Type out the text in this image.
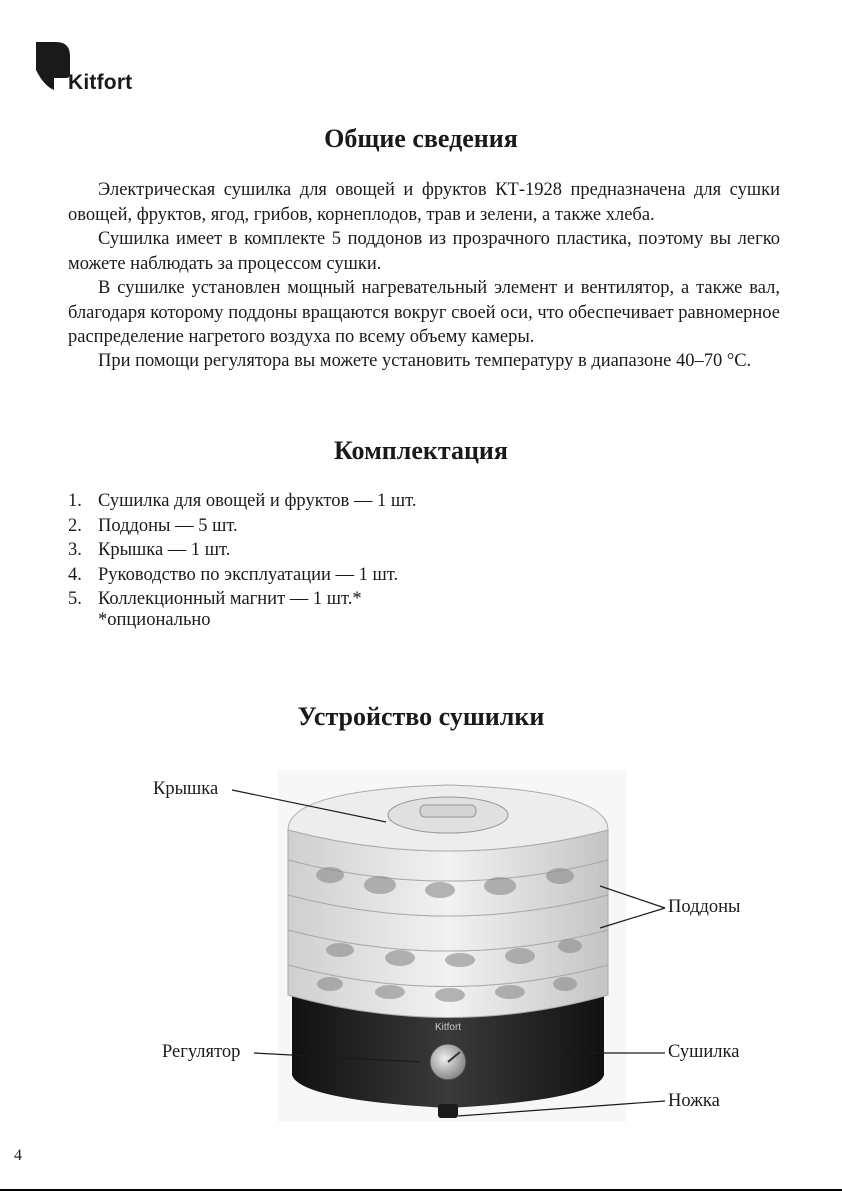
Kitfort
Общие сведения

Электрическая сушилка для овощей и фруктов КТ-1928 предназначена для сушки овощей, фруктов, ягод, грибов, корнеплодов, трав и зелени, а также хлеба.

Сушилка имеет в комплекте 5 поддонов из прозрачного пластика, поэтому вы легко можете наблюдать за процессом сушки.

В сушилке установлен мощный нагревательный элемент и вентилятор, а также вал, благодаря которому поддоны вращаются вокруг своей оси, что обеспечивает равномерное распределение нагретого воздуха по всему объему камеры.

При помощи регулятора вы можете установить температуру в диапазоне 40–70 °C.

Комплектация
1. Сушилка для овощей и фруктов — 1 шт.
2. Поддоны — 5 шт.
3. Крышка — 1 шт.
4. Руководство по эксплуатации — 1 шт.
5. Коллекционный магнит — 1 шт.*
*опционально
Устройство сушилки
Kitfort
Крышка
Поддоны
Регулятор	Сушилка
Ножка
4
